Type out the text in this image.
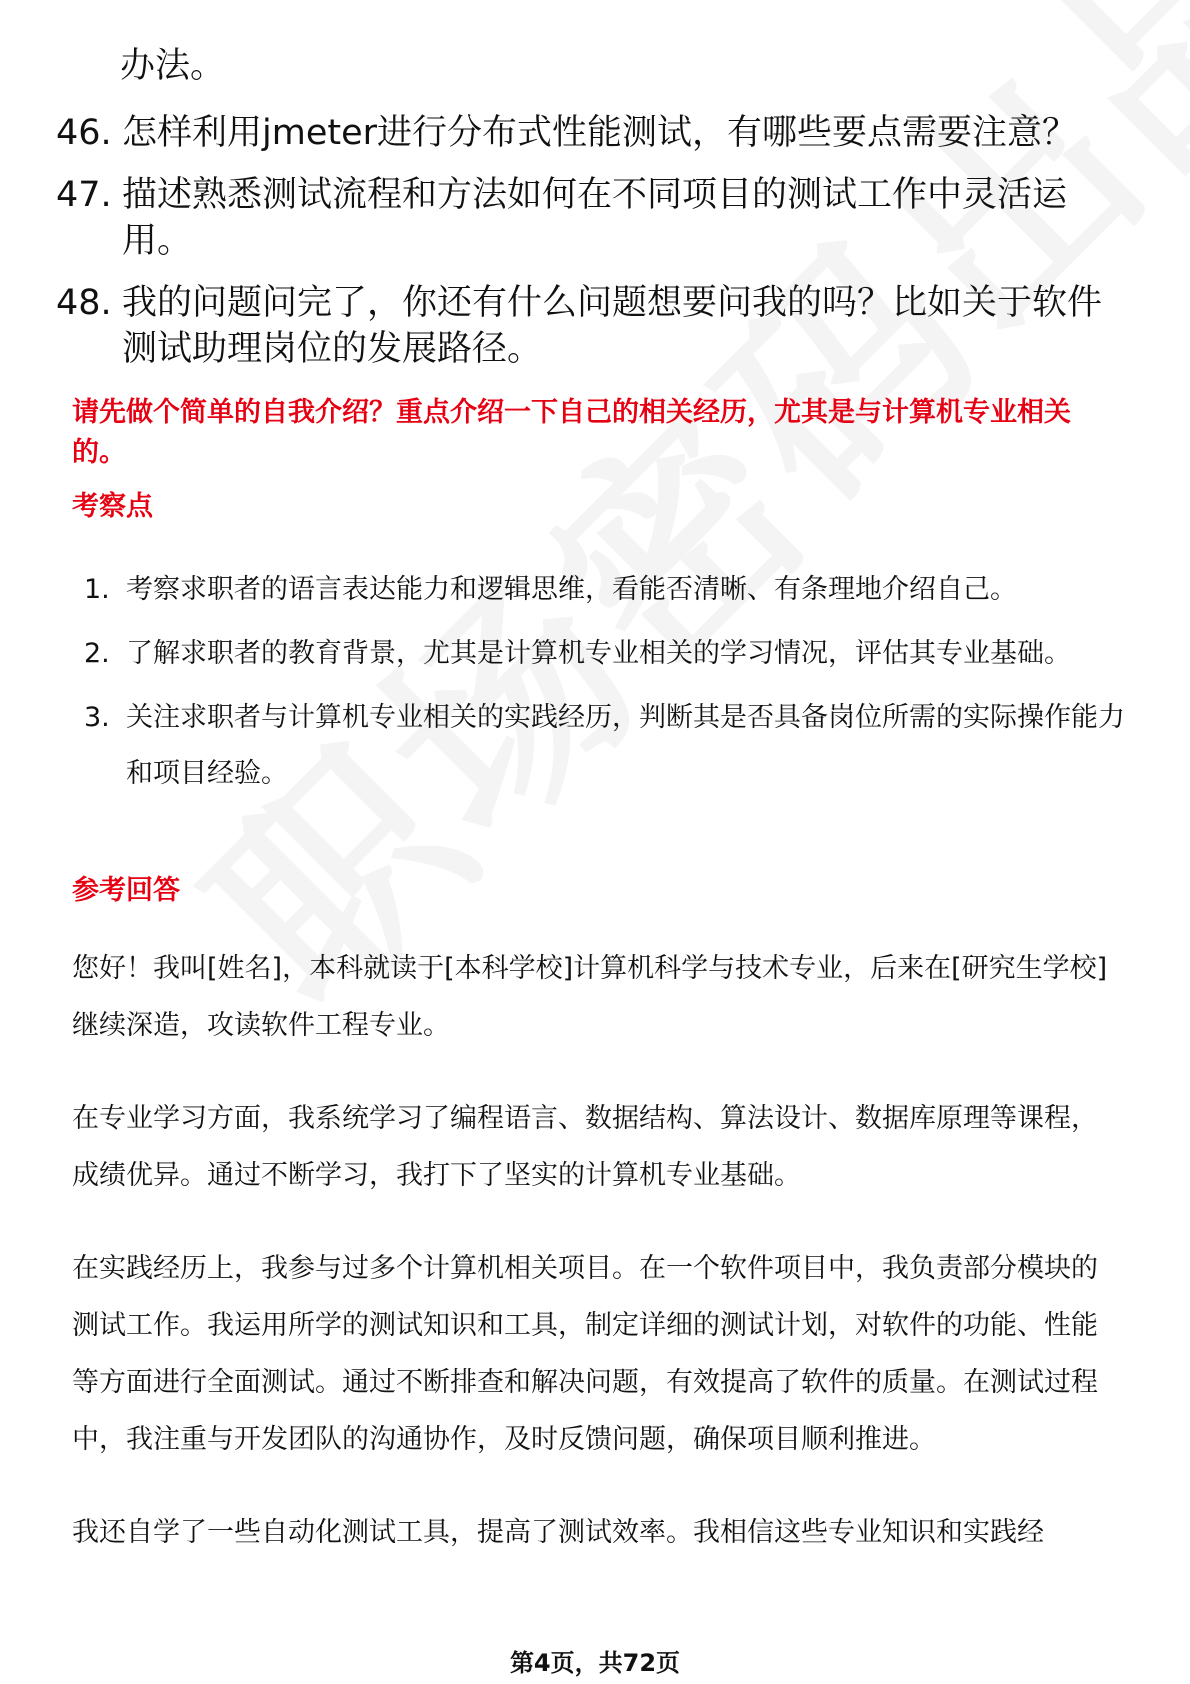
办法。
46. 怎样利用jmeter进行分布式性能测试，有哪些要点需要注意？
47. 描述熟悉测试流程和方法如何在不同项目的测试工作中灵活运用。
48. 我的问题问完了，你还有什么问题想要问我的吗？比如关于软件测试助理岗位的发展路径。
请先做个简单的自我介绍？重点介绍一下自己的相关经历，尤其是与计算机专业相关的。
考察点
1. 考察求职者的语言表达能力和逻辑思维，看能否清晰、有条理地介绍自己。
2. 了解求职者的教育背景，尤其是计算机专业相关的学习情况，评估其专业基础。
3. 关注求职者与计算机专业相关的实践经历，判断其是否具备岗位所需的实际操作能力和项目经验。
参考回答

您好！我叫[姓名]，本科就读于[本科学校]计算机科学与技术专业，后来在[研究生学校]继续深造，攻读软件工程专业。

在专业学习方面，我系统学习了编程语言、数据结构、算法设计、数据库原理等课程，成绩优异。通过不断学习，我打下了坚实的计算机专业基础。

在实践经历上，我参与过多个计算机相关项目。在一个软件项目中，我负责部分模块的测试工作。我运用所学的测试知识和工具，制定详细的测试计划，对软件的功能、性能等方面进行全面测试。通过不断排查和解决问题，有效提高了软件的质量。在测试过程中，我注重与开发团队的沟通协作，及时反馈问题，确保项目顺利推进。

我还自学了一些自动化测试工具，提高了测试效率。我相信这些专业知识和实践经

第4页，共72页
